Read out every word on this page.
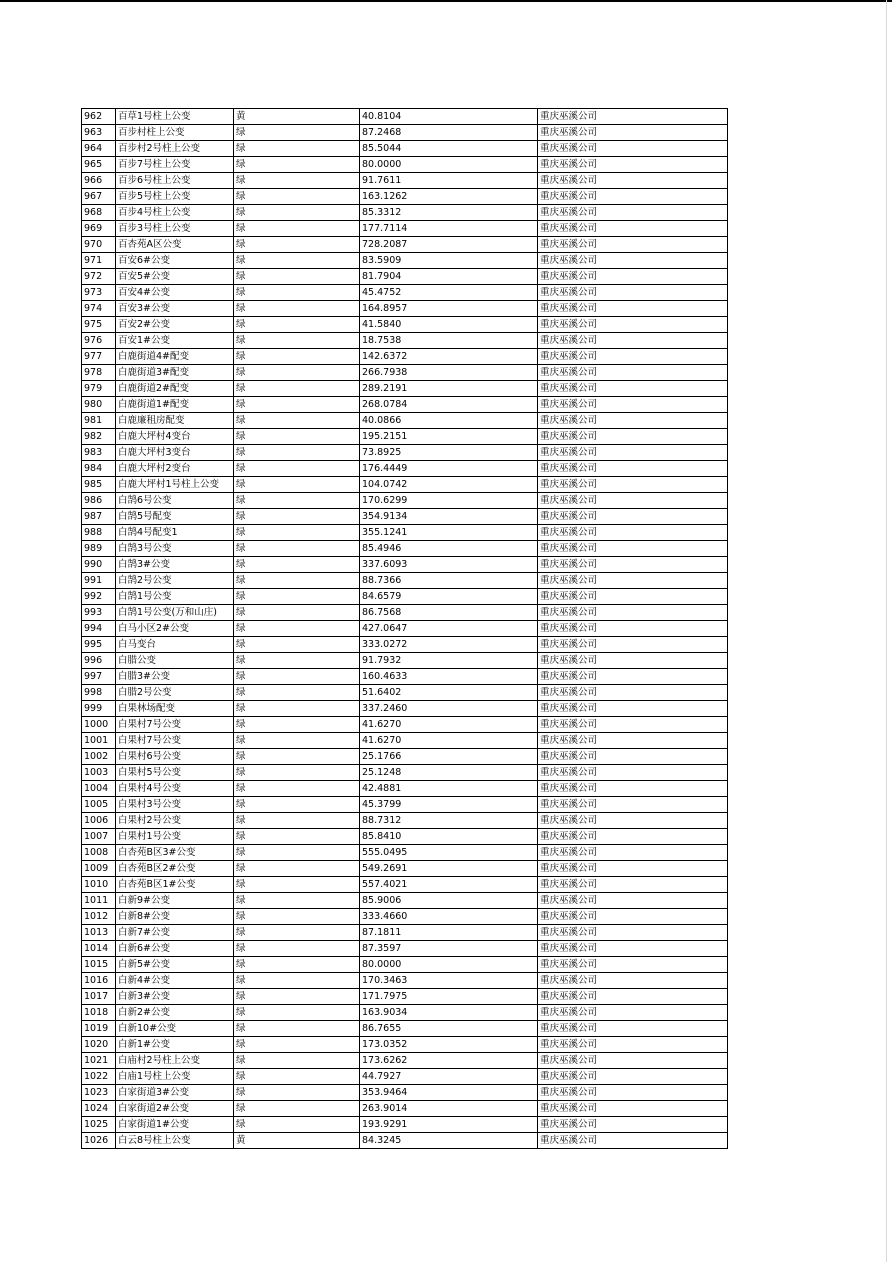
962	百草1号柱上公变	黄	40.8104	重庆巫溪公司
963	百步村柱上公变	绿	87.2468	重庆巫溪公司
964	百步村2号柱上公变	绿	85.5044	重庆巫溪公司
965	百步7号柱上公变	绿	80.0000	重庆巫溪公司
966	百步6号柱上公变	绿	91.7611	重庆巫溪公司
967	百步5号柱上公变	绿	163.1262	重庆巫溪公司
968	百步4号柱上公变	绿	85.3312	重庆巫溪公司
969	百步3号柱上公变	绿	177.7114	重庆巫溪公司
970	百杏苑A区公变	绿	728.2087	重庆巫溪公司
971	百安6#公变	绿	83.5909	重庆巫溪公司
972	百安5#公变	绿	81.7904	重庆巫溪公司
973	百安4#公变	绿	45.4752	重庆巫溪公司
974	百安3#公变	绿	164.8957	重庆巫溪公司
975	百安2#公变	绿	41.5840	重庆巫溪公司
976	百安1#公变	绿	18.7538	重庆巫溪公司
977	白鹿街道4#配变	绿	142.6372	重庆巫溪公司
978	白鹿街道3#配变	绿	266.7938	重庆巫溪公司
979	白鹿街道2#配变	绿	289.2191	重庆巫溪公司
980	白鹿街道1#配变	绿	268.0784	重庆巫溪公司
981	白鹿廉租房配变	绿	40.0866	重庆巫溪公司
982	白鹿大坪村4变台	绿	195.2151	重庆巫溪公司
983	白鹿大坪村3变台	绿	73.8925	重庆巫溪公司
984	白鹿大坪村2变台	绿	176.4449	重庆巫溪公司
985	白鹿大坪村1号柱上公变	绿	104.0742	重庆巫溪公司
986	白鹄6号公变	绿	170.6299	重庆巫溪公司
987	白鹄5号配变	绿	354.9134	重庆巫溪公司
988	白鹄4号配变1	绿	355.1241	重庆巫溪公司
989	白鹄3号公变	绿	85.4946	重庆巫溪公司
990	白鹄3#公变	绿	337.6093	重庆巫溪公司
991	白鹄2号公变	绿	88.7366	重庆巫溪公司
992	白鹄1号公变	绿	84.6579	重庆巫溪公司
993	白鹄1号公变(万和山庄)	绿	86.7568	重庆巫溪公司
994	白马小区2#公变	绿	427.0647	重庆巫溪公司
995	白马变台	绿	333.0272	重庆巫溪公司
996	白腊公变	绿	91.7932	重庆巫溪公司
997	白腊3#公变	绿	160.4633	重庆巫溪公司
998	白腊2号公变	绿	51.6402	重庆巫溪公司
999	白果林场配变	绿	337.2460	重庆巫溪公司
1000	白果村7号公变	绿	41.6270	重庆巫溪公司
1001	白果村7号公变	绿	41.6270	重庆巫溪公司
1002	白果村6号公变	绿	25.1766	重庆巫溪公司
1003	白果村5号公变	绿	25.1248	重庆巫溪公司
1004	白果村4号公变	绿	42.4881	重庆巫溪公司
1005	白果村3号公变	绿	45.3799	重庆巫溪公司
1006	白果村2号公变	绿	88.7312	重庆巫溪公司
1007	白果村1号公变	绿	85.8410	重庆巫溪公司
1008	白杏苑B区3#公变	绿	555.0495	重庆巫溪公司
1009	白杏苑B区2#公变	绿	549.2691	重庆巫溪公司
1010	白杏苑B区1#公变	绿	557.4021	重庆巫溪公司
1011	白新9#公变	绿	85.9006	重庆巫溪公司
1012	白新8#公变	绿	333.4660	重庆巫溪公司
1013	白新7#公变	绿	87.1811	重庆巫溪公司
1014	白新6#公变	绿	87.3597	重庆巫溪公司
1015	白新5#公变	绿	80.0000	重庆巫溪公司
1016	白新4#公变	绿	170.3463	重庆巫溪公司
1017	白新3#公变	绿	171.7975	重庆巫溪公司
1018	白新2#公变	绿	163.9034	重庆巫溪公司
1019	白新10#公变	绿	86.7655	重庆巫溪公司
1020	白新1#公变	绿	173.0352	重庆巫溪公司
1021	白庙村2号柱上公变	绿	173.6262	重庆巫溪公司
1022	白庙1号柱上公变	绿	44.7927	重庆巫溪公司
1023	白家街道3#公变	绿	353.9464	重庆巫溪公司
1024	白家街道2#公变	绿	263.9014	重庆巫溪公司
1025	白家街道1#公变	绿	193.9291	重庆巫溪公司
1026	白云8号柱上公变	黄	84.3245	重庆巫溪公司
